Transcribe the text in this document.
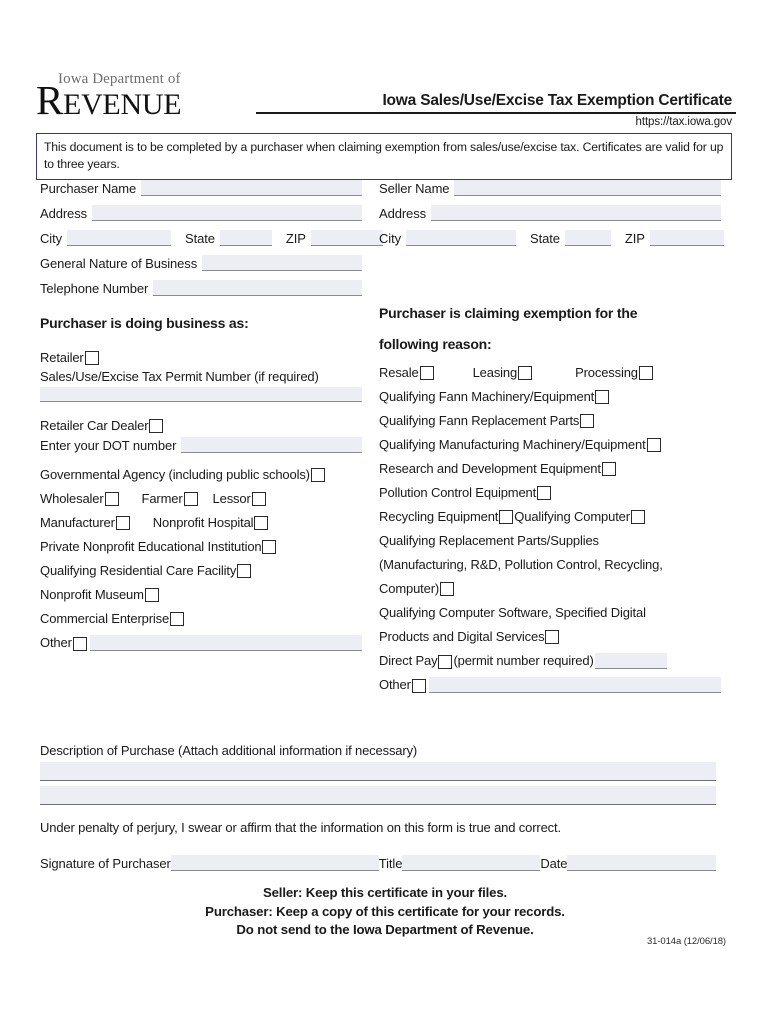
Iowa Department of
REVENUE	Iowa Sales/Use/Excise Tax Exemption Certificate
https://tax.iowa.gov
This document is to be completed by a purchaser when claiming exemption from sales/use/excise tax. Certificates are valid for up to three years.
Purchaser Name
Address
City	State	ZIP
General Nature of Business
Telephone Number
Purchaser is doing business as:
Retailer
Sales/Use/Excise Tax Permit Number (if required)
Retailer Car Dealer
Enter your DOT number
Governmental Agency (including public schools)
Wholesaler	Farmer Lessor
Manufacturer	Nonprofit Hospital
Private Nonprofit Educational Institution
Qualifying Residential Care Facility
Nonprofit Museum
Commercial Enterprise
Other
Seller Name
Address
City	State	ZIP
Purchaser is claiming exemption for the
following reason:
Resale	Leasing	Processing
Qualifying Fann Machinery/Equipment
Qualifying Fann Replacement Parts
Qualifying Manufacturing Machinery/Equipment
Research and Development Equipment
Pollution Control Equipment
Recycling Equipment Qualifying Computer
Qualifying Replacement Parts/Supplies
(Manufacturing, R&D, Pollution Control, Recycling,
Computer)
Qualifying Computer Software, Specified Digital
Products and Digital Services
Direct Pay (permit number required)
Other
Description of Purchase (Attach additional information if necessary)
Under penalty of perjury, I swear or affirm that the information on this form is true and correct.
Signature of Purchaser	Title	Date
Seller: Keep this certificate in your files.
Purchaser: Keep a copy of this certificate for your records.
Do not send to the Iowa Department of Revenue.
31-014a (12/06/18)
